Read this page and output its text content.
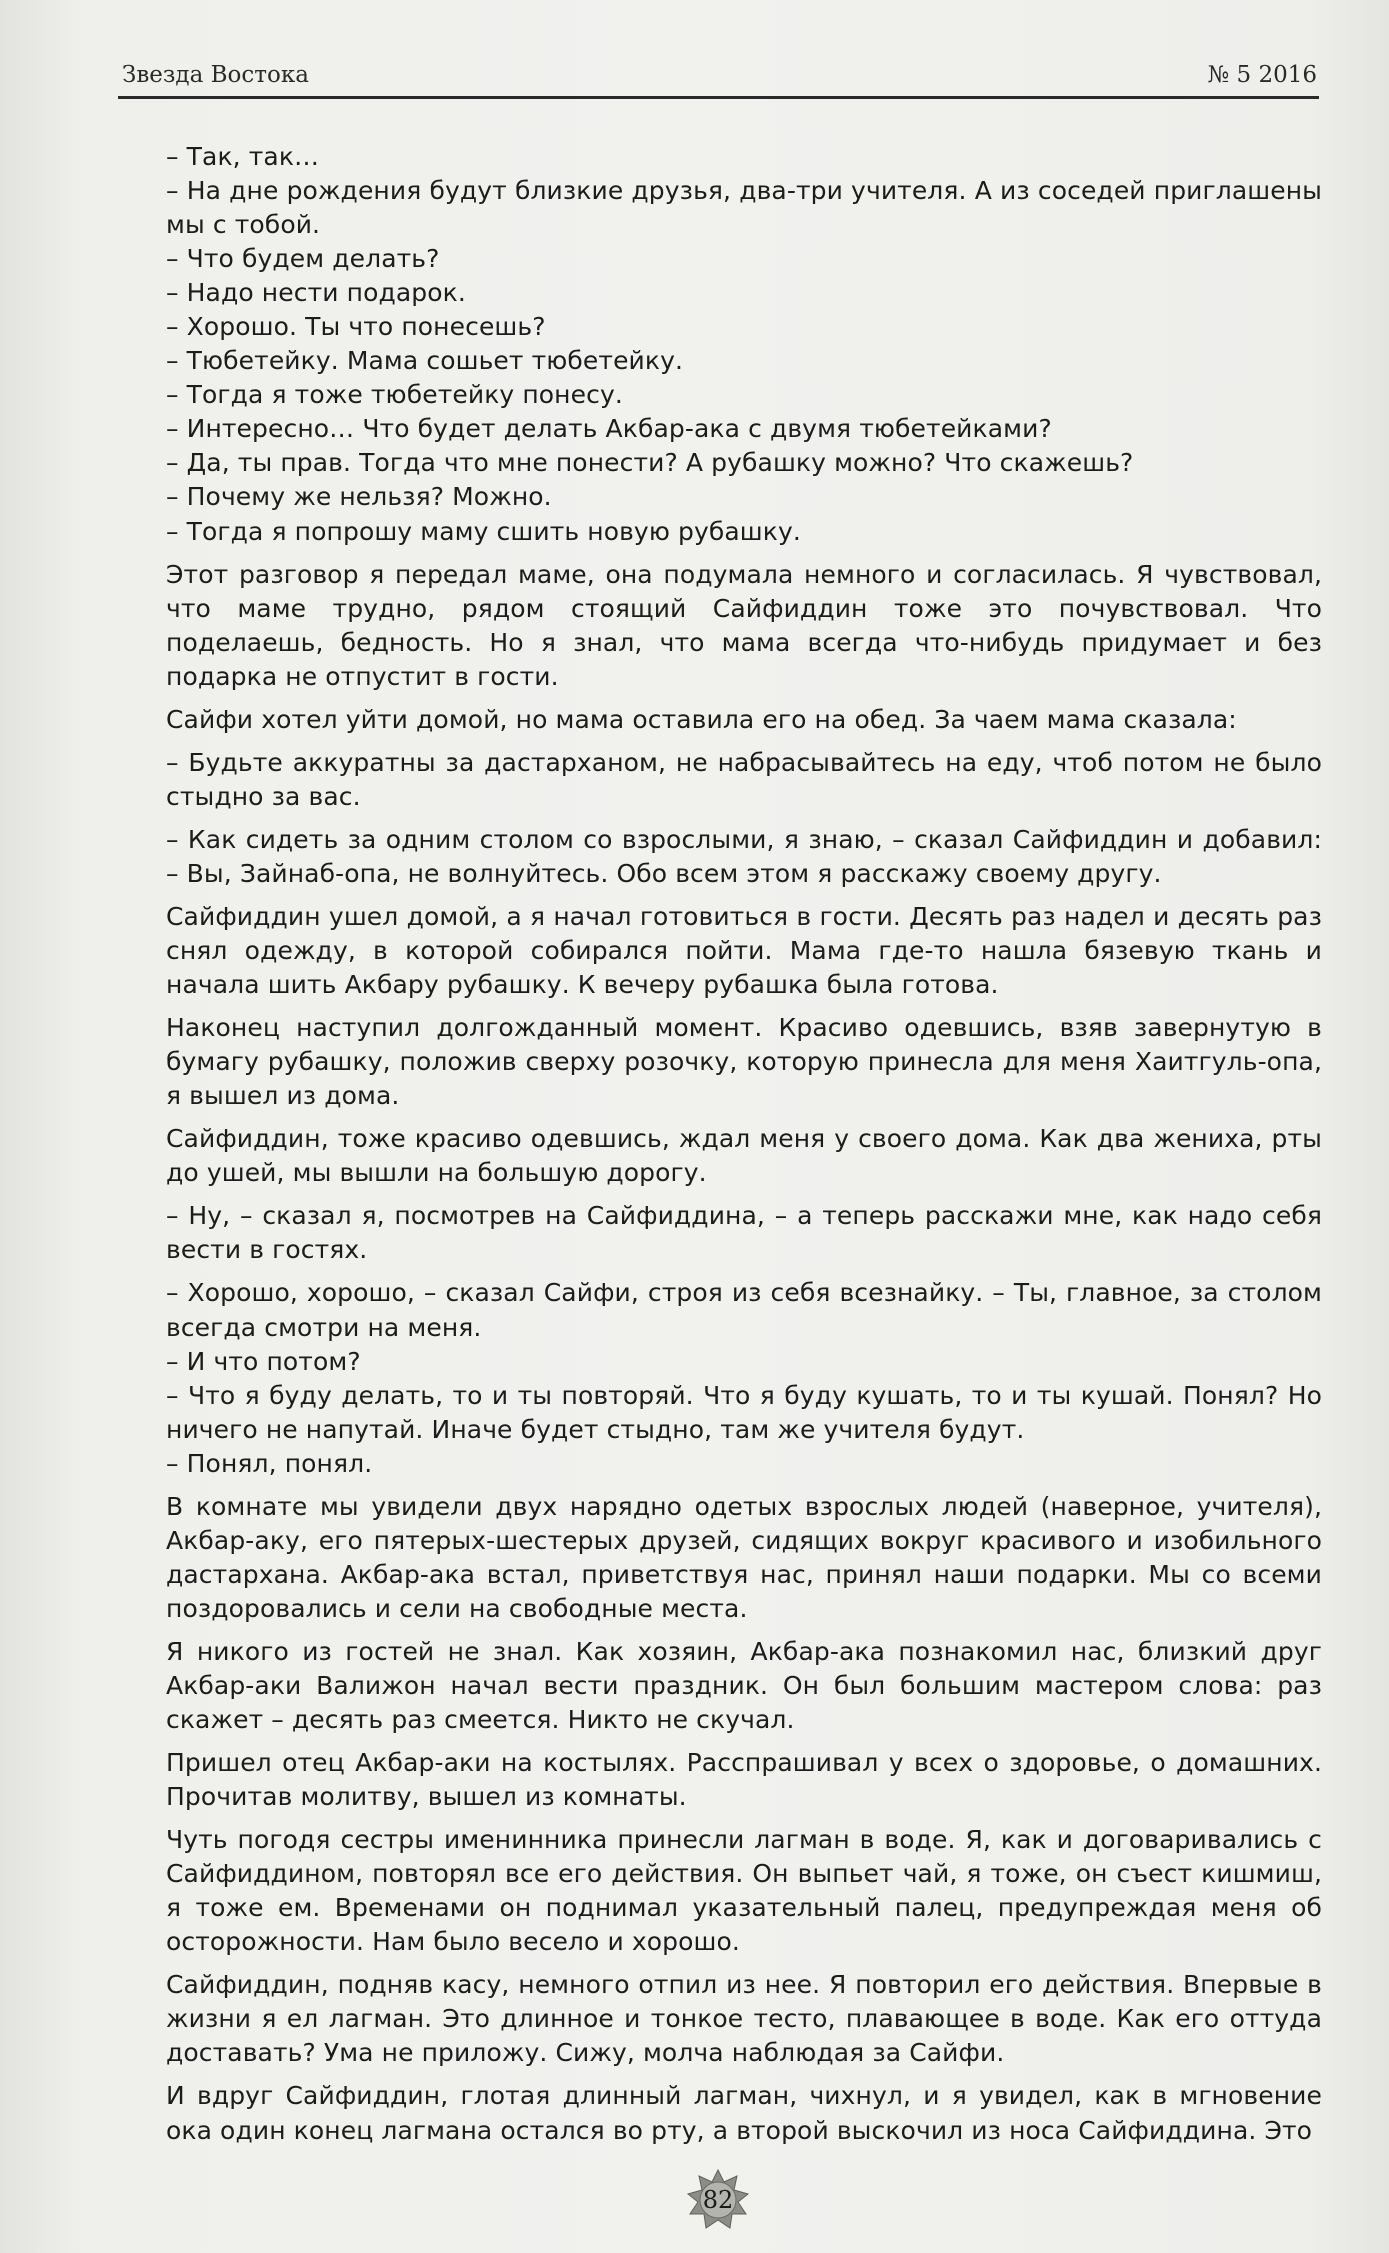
Звезда Востока	№ 5 2016

– Так, так…

– На дне рождения будут близкие друзья, два-три учителя. А из соседей приглашены мы с тобой.

– Что будем делать?

– Надо нести подарок.

– Хорошо. Ты что понесешь?

– Тюбетейку. Мама сошьет тюбетейку.

– Тогда я тоже тюбетейку понесу.

– Интересно… Что будет делать Акбар-ака с двумя тюбетейками?

– Да, ты прав. Тогда что мне понести? А рубашку можно? Что скажешь?

– Почему же нельзя? Можно.

– Тогда я попрошу маму сшить новую рубашку.

Этот разговор я передал маме, она подумала немного и согласилась. Я чувствовал, что маме трудно, рядом стоящий Сайфиддин тоже это почувствовал. Что поделаешь, бедность. Но я знал, что мама всегда что-нибудь придумает и без подарка не отпустит в гости.

Сайфи хотел уйти домой, но мама оставила его на обед. За чаем мама сказала:

– Будьте аккуратны за дастарханом, не набрасывайтесь на еду, чтоб потом не было стыдно за вас.

– Как сидеть за одним столом со взрослыми, я знаю, – сказал Сайфиддин и добавил: – Вы, Зайнаб-опа, не волнуйтесь. Обо всем этом я расскажу своему другу.

Сайфиддин ушел домой, а я начал готовиться в гости. Десять раз надел и десять раз снял одежду, в которой собирался пойти. Мама где-то нашла бязевую ткань и начала шить Акбару рубашку. К вечеру рубашка была готова.

Наконец наступил долгожданный момент. Красиво одевшись, взяв завернутую в бумагу рубашку, положив сверху розочку, которую принесла для меня Хаитгуль-опа, я вышел из дома.

Сайфиддин, тоже красиво одевшись, ждал меня у своего дома. Как два жениха, рты до ушей, мы вышли на большую дорогу.

– Ну, – сказал я, посмотрев на Сайфиддина, – а теперь расскажи мне, как надо себя вести в гостях.

– Хорошо, хорошо, – сказал Сайфи, строя из себя всезнайку. – Ты, главное, за столом всегда смотри на меня.

– И что потом?

– Что я буду делать, то и ты повторяй. Что я буду кушать, то и ты кушай. Понял? Но ничего не напутай. Иначе будет стыдно, там же учителя будут.

– Понял, понял.

В комнате мы увидели двух нарядно одетых взрослых людей (наверное, учителя), Акбар-аку, его пятерых-шестерых друзей, сидящих вокруг красивого и изобильного дастархана. Акбар-ака встал, приветствуя нас, принял наши подарки. Мы со всеми поздоровались и сели на свободные места.

Я никого из гостей не знал. Как хозяин, Акбар-ака познакомил нас, близкий друг Акбар-аки Валижон начал вести праздник. Он был большим мастером слова: раз скажет – десять раз смеется. Никто не скучал.

Пришел отец Акбар-аки на костылях. Расспрашивал у всех о здоровье, о домашних. Прочитав молитву, вышел из комнаты.

Чуть погодя сестры именинника принесли лагман в воде. Я, как и договаривались с Сайфиддином, повторял все его действия. Он выпьет чай, я тоже, он съест кишмиш, я тоже ем. Временами он поднимал указательный палец, предупреждая меня об осторожности. Нам было весело и хорошо.

Сайфиддин, подняв касу, немного отпил из нее. Я повторил его действия. Впервые в жизни я ел лагман. Это длинное и тонкое тесто, плавающее в воде. Как его оттуда доставать? Ума не приложу. Сижу, молча наблюдая за Сайфи.

И вдруг Сайфиддин, глотая длинный лагман, чихнул, и я увидел, как в мгновение ока один конец лагмана остался во рту, а второй выскочил из носа Сайфиддина. Это

82
